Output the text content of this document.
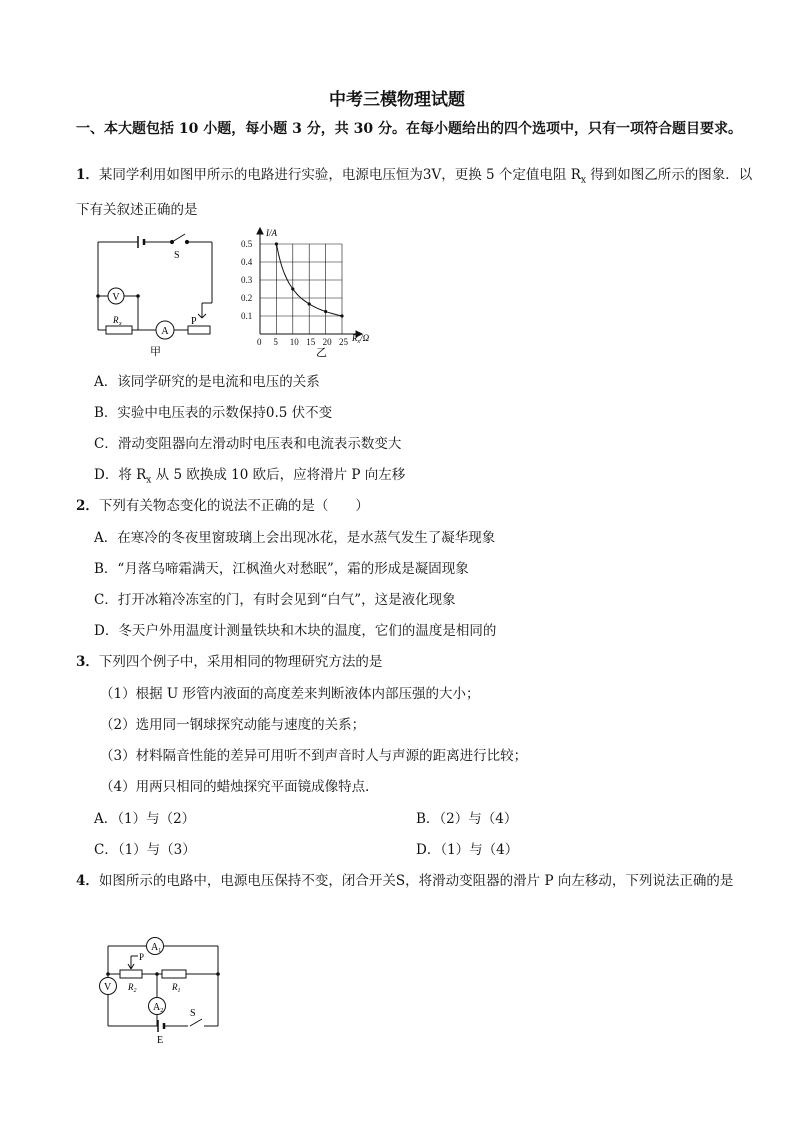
中考三模物理试题
一、本大题包括 10 小题，每小题 3 分，共 30 分。在每小题给出的四个选项中，只有一项符合题目要求。
1．某同学利用如图甲所示的电路进行实验，电源电压恒为3V，更换 5 个定值电阻 $R_x$ 得到如图乙所示的图象．以下有关叙述正确的是
V
A
S
P
R x
甲
0 5 10 15 20 25
0.5
0.4
0.3
0.2
0.1
I/A
$R_x/\Omega$
乙
A．该同学研究的是电流和电压的关系
B．实验中电压表的示数保持0.5 伏不变
C．滑动变阻器向左滑动时电压表和电流表示数变大
D．将 $R_x$ 从 5 欧换成 10 欧后，应将滑片 P 向左移
2．下列有关物态变化的说法不正确的是（　　）
A．在寒冷的冬夜里窗玻璃上会出现冰花，是水蒸气发生了凝华现象
B．“月落乌啼霜满天，江枫渔火对愁眠”，霜的形成是凝固现象
C．打开冰箱冷冻室的门，有时会见到“白气”，这是液化现象
D．冬天户外用温度计测量铁块和木块的温度，它们的温度是相同的
3．下列四个例子中，采用相同的物理研究方法的是
（1）根据 U 形管内液面的高度差来判断液体内部压强的大小；
（2）选用同一钢球探究动能与速度的关系；
（3）材料隔音性能的差异可用听不到声音时人与声源的距离进行比较；
（4）用两只相同的蜡烛探究平面镜成像特点．
A．（1）与（2）	B．（2）与（4）
C．（1）与（3）	D．（1）与（4）
4．如图所示的电路中，电源电压保持不变，闭合开关S，将滑动变阻器的滑片 P 向左移动，下列说法正确的是
$A_1$
$A_2$
V
P
$R_2$	$R_1$
S
E
